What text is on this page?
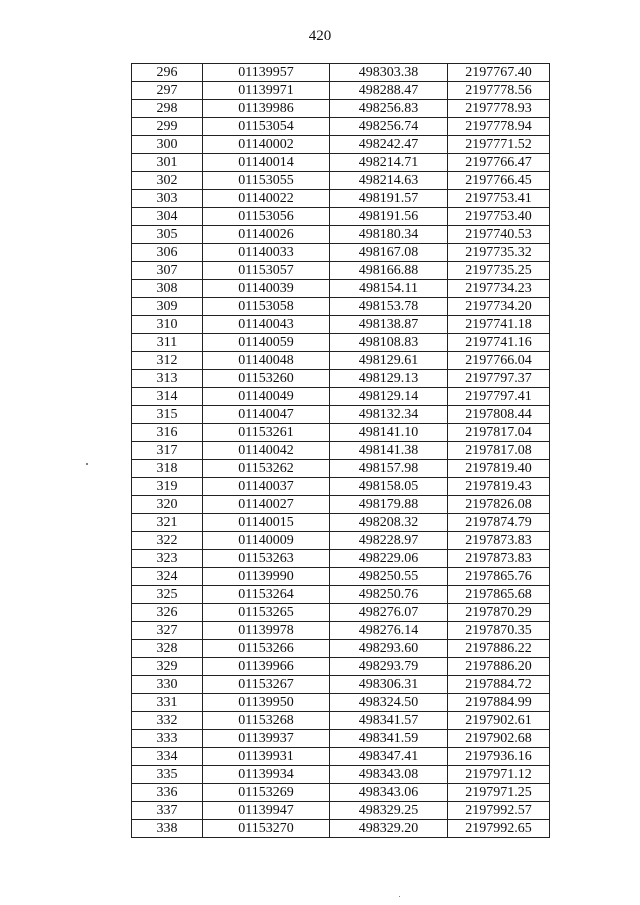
420
296	01139957	498303.38	2197767.40
297	01139971	498288.47	2197778.56
298	01139986	498256.83	2197778.93
299	01153054	498256.74	2197778.94
300	01140002	498242.47	2197771.52
301	01140014	498214.71	2197766.47
302	01153055	498214.63	2197766.45
303	01140022	498191.57	2197753.41
304	01153056	498191.56	2197753.40
305	01140026	498180.34	2197740.53
306	01140033	498167.08	2197735.32
307	01153057	498166.88	2197735.25
308	01140039	498154.11	2197734.23
309	01153058	498153.78	2197734.20
310	01140043	498138.87	2197741.18
311	01140059	498108.83	2197741.16
312	01140048	498129.61	2197766.04
313	01153260	498129.13	2197797.37
314	01140049	498129.14	2197797.41
315	01140047	498132.34	2197808.44
316	01153261	498141.10	2197817.04
317	01140042	498141.38	2197817.08
318	01153262	498157.98	2197819.40
319	01140037	498158.05	2197819.43
320	01140027	498179.88	2197826.08
321	01140015	498208.32	2197874.79
322	01140009	498228.97	2197873.83
323	01153263	498229.06	2197873.83
324	01139990	498250.55	2197865.76
325	01153264	498250.76	2197865.68
326	01153265	498276.07	2197870.29
327	01139978	498276.14	2197870.35
328	01153266	498293.60	2197886.22
329	01139966	498293.79	2197886.20
330	01153267	498306.31	2197884.72
331	01139950	498324.50	2197884.99
332	01153268	498341.57	2197902.61
333	01139937	498341.59	2197902.68
334	01139931	498347.41	2197936.16
335	01139934	498343.08	2197971.12
336	01153269	498343.06	2197971.25
337	01139947	498329.25	2197992.57
338	01153270	498329.20	2197992.65
